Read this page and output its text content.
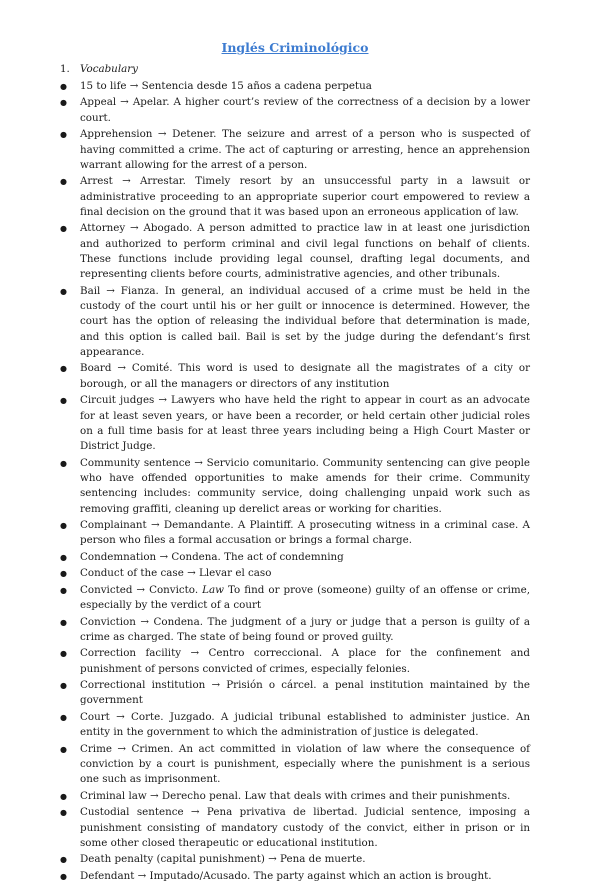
Inglés Criminológico
1. Vocabulary
● 15 to life → Sentencia desde 15 años a cadena perpetua
● Appeal → Apelar. A higher court’s review of the correctness of a decision by a lower court.
● Apprehension → Detener. The seizure and arrest of a person who is suspected of having committed a crime. The act of capturing or arresting, hence an apprehension warrant allowing for the arrest of a person.
● Arrest → Arrestar. Timely resort by an unsuccessful party in a lawsuit or administrative proceeding to an appropriate superior court empowered to review a final decision on the ground that it was based upon an erroneous application of law.
● Attorney → Abogado. A person admitted to practice law in at least one jurisdiction and authorized to perform criminal and civil legal functions on behalf of clients. These functions include providing legal counsel, drafting legal documents, and representing clients before courts, administrative agencies, and other tribunals.
● Bail → Fianza. In general, an individual accused of a crime must be held in the custody of the court until his or her guilt or innocence is determined. However, the court has the option of releasing the individual before that determination is made, and this option is called bail. Bail is set by the judge during the defendant’s first appearance.
● Board → Comité. This word is used to designate all the magistrates of a city or borough, or all the managers or directors of any institution
● Circuit judges → Lawyers who have held the right to appear in court as an advocate for at least seven years, or have been a recorder, or held certain other judicial roles on a full time basis for at least three years including being a High Court Master or District Judge.
● Community sentence → Servicio comunitario. Community sentencing can give people who have offended opportunities to make amends for their crime. Community sentencing includes: community service, doing challenging unpaid work such as removing graffiti, cleaning up derelict areas or working for charities.
● Complainant → Demandante. A Plaintiff. A prosecuting witness in a criminal case. A person who files a formal accusation or brings a formal charge.
● Condemnation → Condena. The act of condemning
● Conduct of the case → Llevar el caso
● Convicted → Convicto. Law To find or prove (someone) guilty of an offense or crime, especially by the verdict of a court
● Conviction → Condena. The judgment of a jury or judge that a person is guilty of a crime as charged. The state of being found or proved guilty.
● Correction facility → Centro correccional. A place for the confinement and punishment of persons convicted of crimes, especially felonies.
● Correctional institution → Prisión o cárcel. a penal institution maintained by the government
● Court → Corte. Juzgado. A judicial tribunal established to administer justice. An entity in the government to which the administration of justice is delegated.
● Crime → Crimen. An act committed in violation of law where the consequence of conviction by a court is punishment, especially where the punishment is a serious one such as imprisonment.
● Criminal law → Derecho penal. Law that deals with crimes and their punishments.
● Custodial sentence → Pena privativa de libertad. Judicial sentence, imposing a punishment consisting of mandatory custody of the convict, either in prison or in some other closed therapeutic or educational institution.
● Death penalty (capital punishment) → Pena de muerte.
● Defendant → Imputado/Acusado. The party against which an action is brought.
